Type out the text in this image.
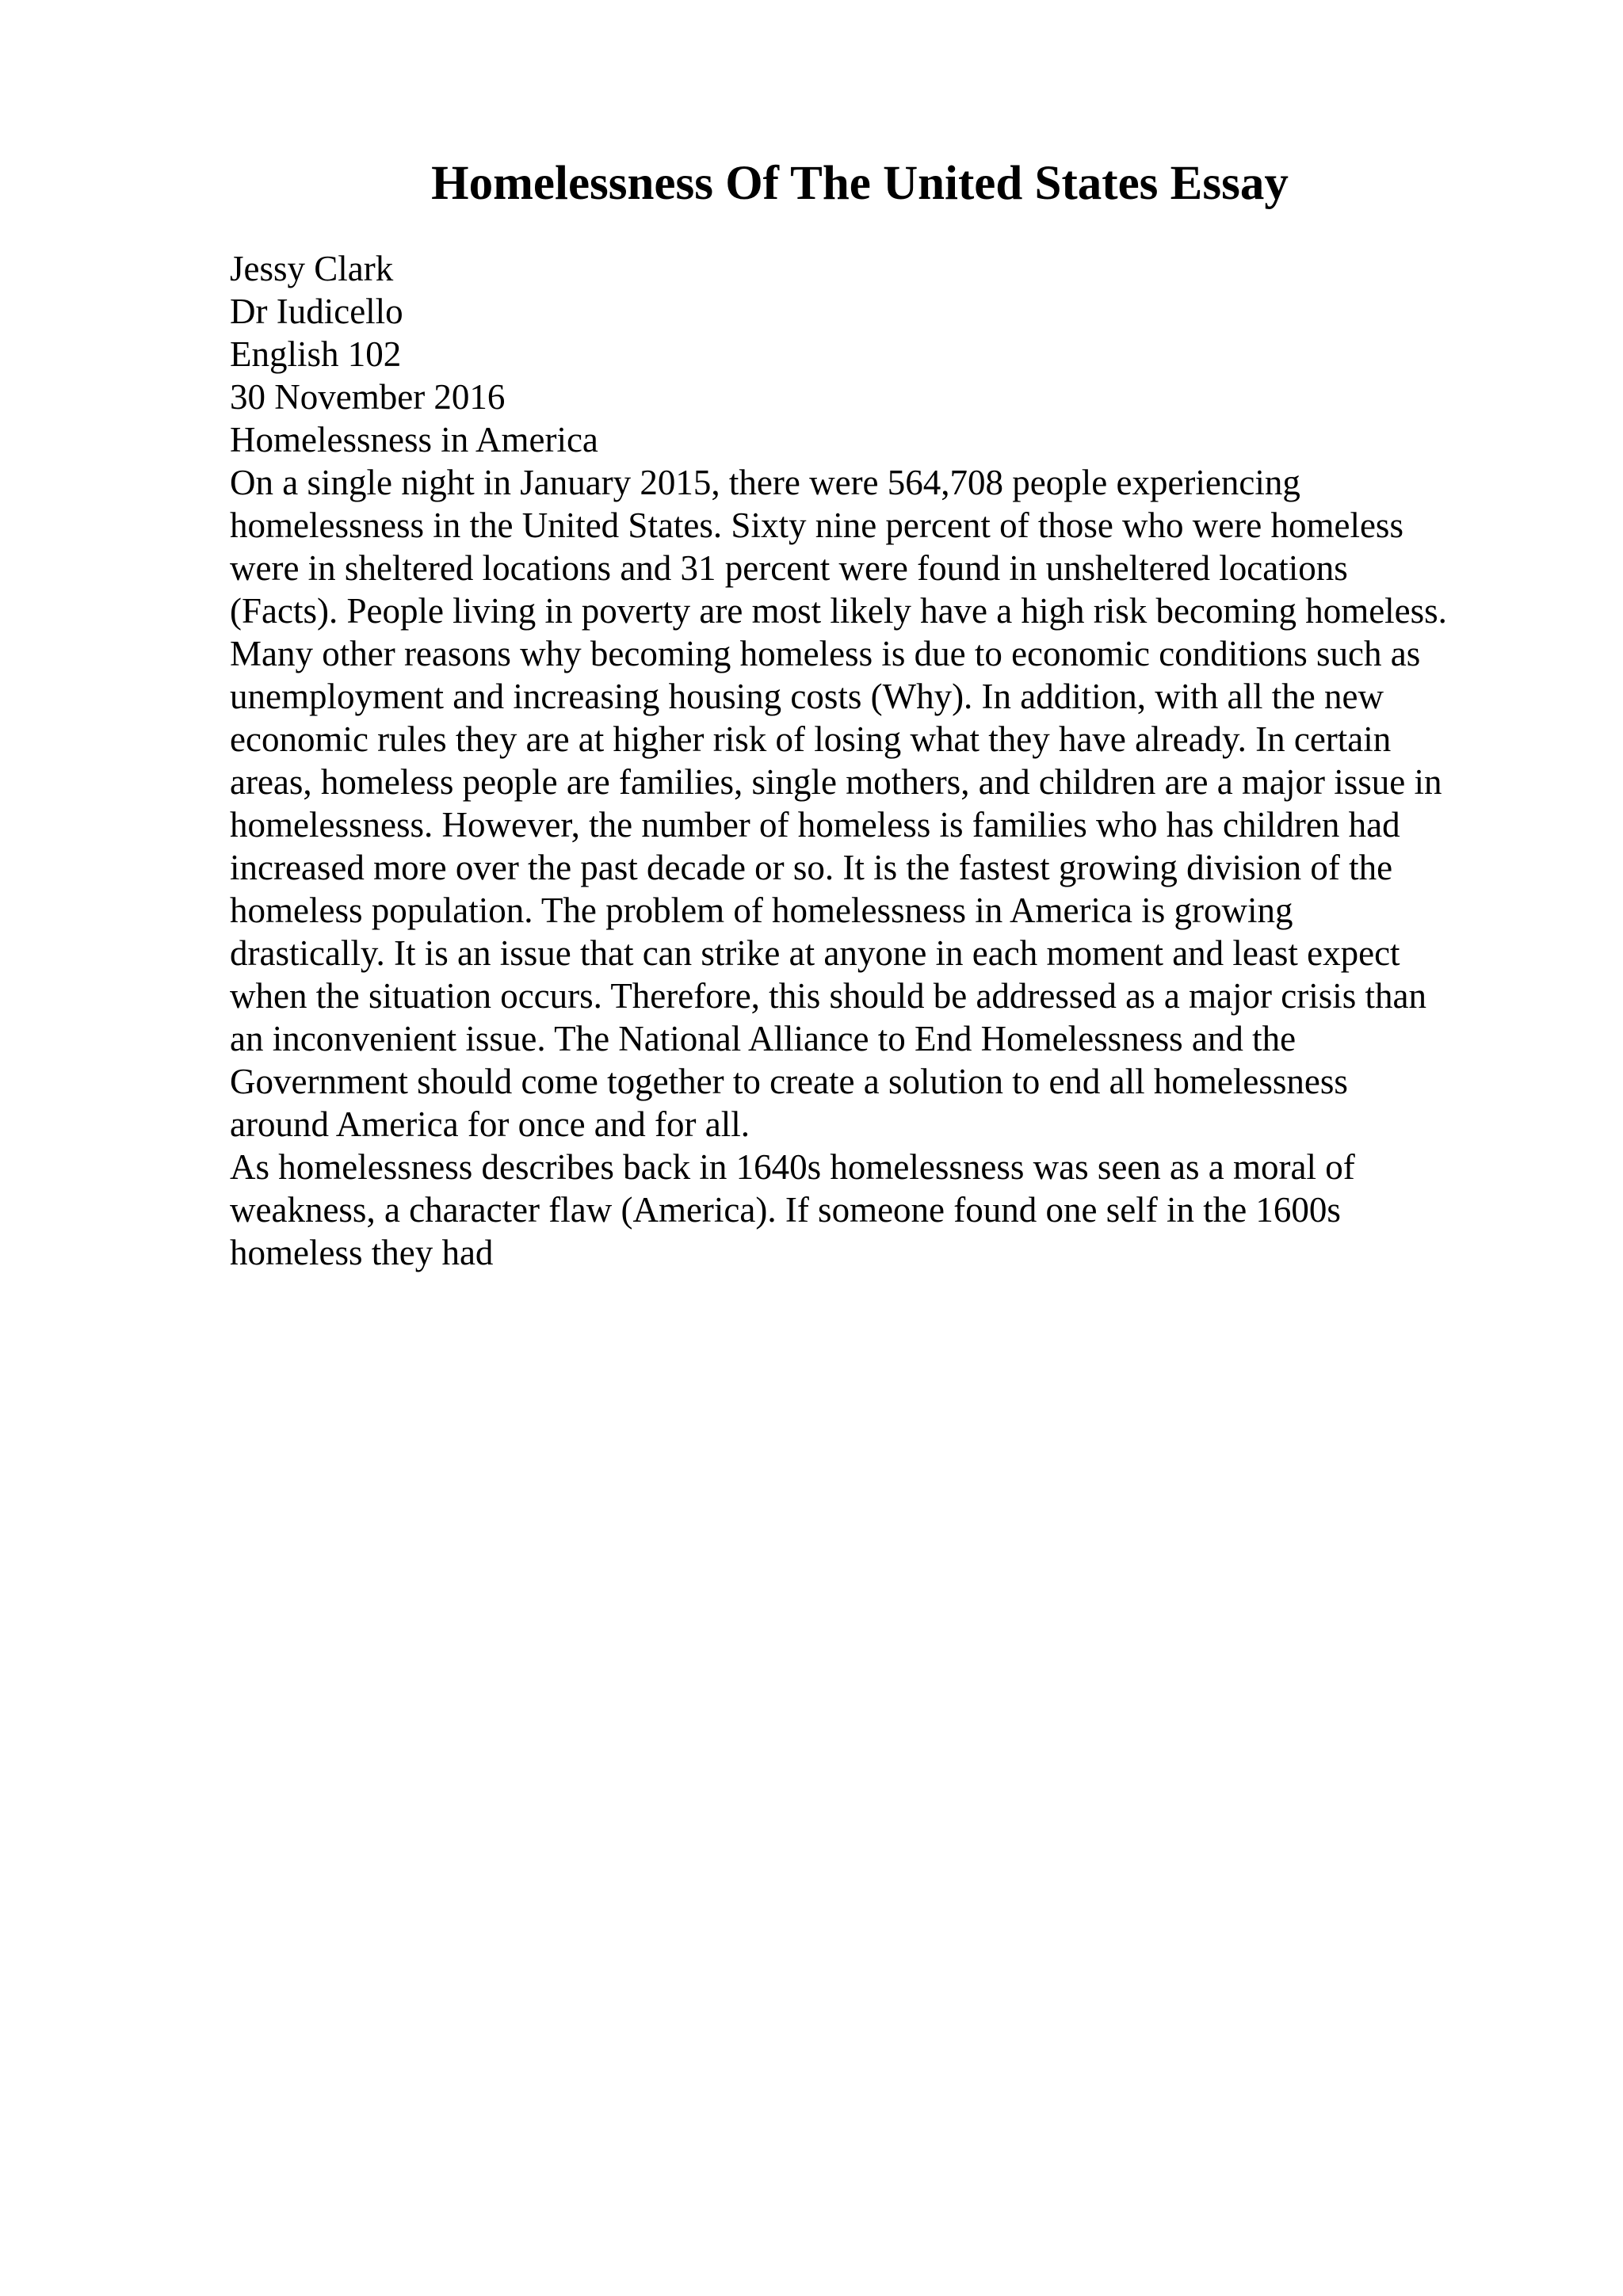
Homelessness Of The United States Essay
Jessy Clark
Dr Iudicello
English 102
30 November 2016
Homelessness in America
On a single night in January 2015, there were 564,708 people experiencing
homelessness in the United States. Sixty nine percent of those who were homeless
were in sheltered locations and 31 percent were found in unsheltered locations
(Facts). People living in poverty are most likely have a high risk becoming homeless.
Many other reasons why becoming homeless is due to economic conditions such as
unemployment and increasing housing costs (Why). In addition, with all the new
economic rules they are at higher risk of losing what they have already. In certain
areas, homeless people are families, single mothers, and children are a major issue in
homelessness. However, the number of homeless is families who has children had
increased more over the past decade or so. It is the fastest growing division of the
homeless population. The problem of homelessness in America is growing
drastically. It is an issue that can strike at anyone in each moment and least expect
when the situation occurs. Therefore, this should be addressed as a major crisis than
an inconvenient issue. The National Alliance to End Homelessness and the
Government should come together to create a solution to end all homelessness
around America for once and for all.
As homelessness describes back in 1640s homelessness was seen as a moral of
weakness, a character flaw (America). If someone found one self in the 1600s
homeless they had
